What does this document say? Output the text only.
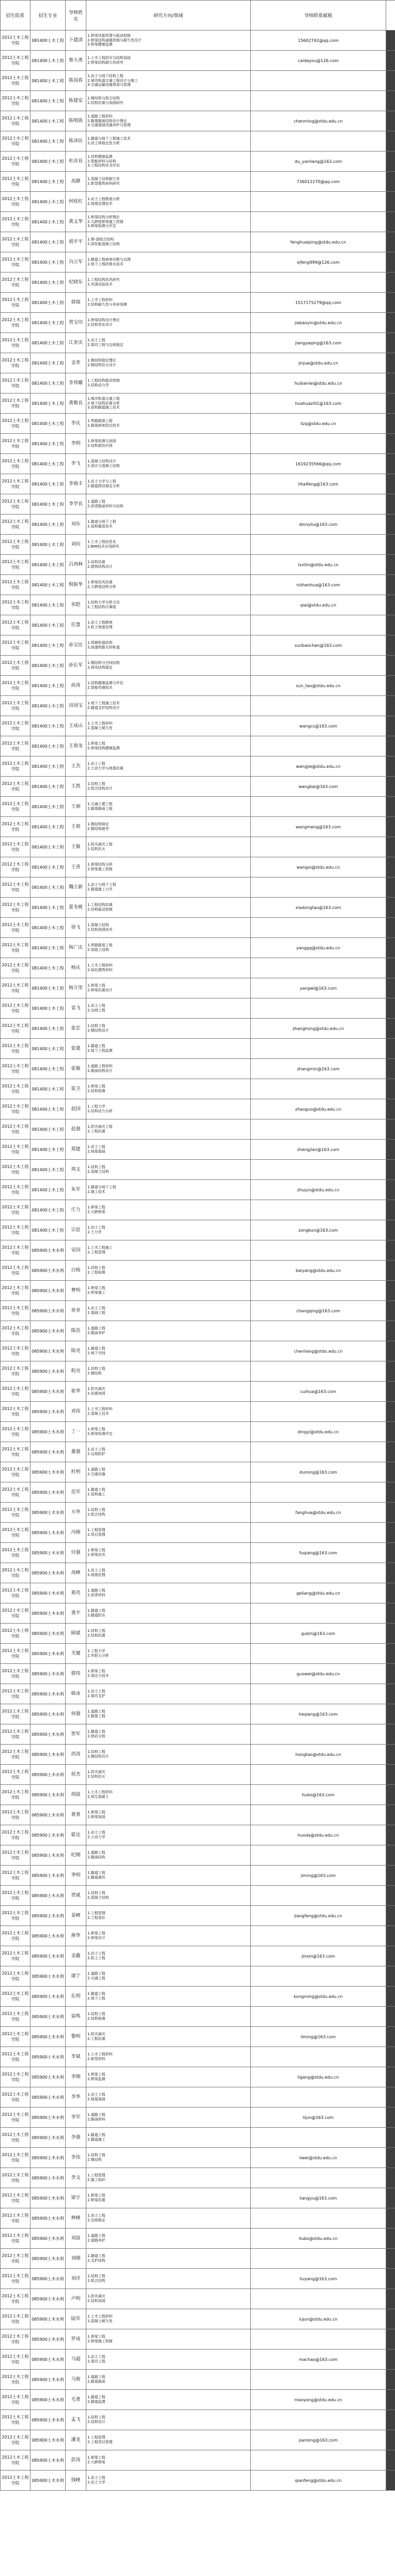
招生院系	招生专业	导师姓名	研究方向/领域	导师联系邮箱	
2012土木工程学院	081400土木工程	卜建清	1.桥梁风振机理与振动控制
2.桥梁结构减震控制与耐久性设计
3.桥梁健康监测	15602742@qq.com	
2012土木工程学院	081400土木工程	蔡大勇	1.土木工程防灾与结构加固
2.桥梁结构耐久性研究	caidayou@126.com	
2012土木工程学院	081400土木工程	陈国春	1.岩土与地下结构工程
2.城市轨道交通工程设计与施工
3.交通运输设施规划与管理		

2012土木工程学院	081400土木工程	陈建安	1.钢结构与组合结构
2.结构抗震与加固研究		

2012土木工程学院	081400土木工程	陈明铣	1.道路工程材料
2.路基路面结构设计理论
3.交通基础设施养护与管理	chenming@stdu.edu.cn	
2012土木工程学院	081400土木工程	陈泽民	1.隧道与地下工程施工技术
2.岩土体稳定性分析		

2012土木工程学院	081400土木工程	杜彦良	1.结构健康监测
2.智能材料与结构
3.工程结构安全评估	du_yanliang@163.com	
2012土木工程学院	081400土木工程	高静	1.混凝土结构耐久性
2.新型建筑材料研究	736012270@qq.com	
2012土木工程学院	081400土木工程	何桂红	1.岩土工程数值分析
2.地基处理技术		

2012土木工程学院	081400土木工程	黄义华	1.桥梁结构分析理论
2.大跨度桥梁施工控制
3.桥梁检测与评定		

2012土木工程学院	081400土木工程	胡平平	1.钢-混组合结构
2.高性能混凝土结构	fenghuaiping@stdu.edu.cn	
2012土木工程学院	081400土木工程	冯立军	1.隧道工程病害诊断与治理
2.地下工程防排水技术	xjfeng999@126.com	
2012土木工程学院	081400土木工程	纪晓东	1.工程结构抗风研究
2.风洞试验技术		

2012土木工程学院	081400土木工程	郭瑞	1.土木工程材料
2.结构耐久性与寿命预测	1517175279@qq.com	
2012土木工程学院	081400土木工程	贾宝印	1.桥梁结构设计理论
2.结构优化设计	jiabaoyin@stdu.edu.cn	
2012土木工程学院	081400土木工程	江亚庆	1.岩土工程
2.基坑工程与边坡稳定	jiangyaqing@163.com	
2012土木工程学院	081400土木工程	金菲	1.钢结构稳定理论
2.钢结构抗火设计	jinjue@stdu.edu.cn	
2012土木工程学院	081400土木工程	李邦耀	1.工程结构振动控制
2.结构动力学	huibanlei@stdu.edu.cn	
2012土木工程学院	081400土木工程	黄敬良	1.城市轨道交通工程
2.地下结构抗震分析
3.盾构隧道施工技术	huahuazi01@163.com	
2012土木工程学院	081400土木工程	李庆	1.铁路路基工程
2.路基病害防治技术	lizq@stdu.edu.cn	
2012土木工程学院	081400土木工程	李明	1.桥梁检测与加固
2.结构损伤识别		

2012土木工程学院	081400土木工程	李飞	1.混凝土结构设计
2.预应力混凝土结构	1619235566@qq.com	
2012土木工程学院	081400土木工程	李海丰	1.岩土力学与工程
2.隧道围岩稳定分析	lihaifeng@163.com	
2012土木工程学院	081400土木工程	李学良	1.道路工程
2.沥青路面材料与结构		

2012土木工程学院	081400土木工程	刘东	1.隧道与地下工程
2.盾构掘进技术	dinnyliu@163.com	
2012土木工程学院	081400土木工程	刘钊	1.土木工程信息化
2.BIM技术应用研究		

2012土木工程学院	081400土木工程	吕西林	1.结构抗震
2.建筑结构设计	lvxilin@stdu.edu.cn	
2012土木工程学院	081400土木工程	倪振华	1.桥梁抗风抗震
2.大跨度结构分析	nizhenhua@163.com	
2012土木工程学院	081400土木工程	祁皑	1.结构力学分析方法
2.工程结构可靠度	qiai@stdu.edu.cn	
2012土木工程学院	081400土木工程	任慧	1.岩土工程勘察
2.软土地基处理		

2012土木工程学院	081400土木工程	孙宝臣	1.铁路轨道结构
2.高速铁路无砟轨道	sunbaochen@163.com	
2012土木工程学院	081400土木工程	孙长军	1.钢结构与空间结构
2.网壳结构稳定		

2012土木工程学院	081400土木工程	孙涛	1.结构健康监测与评估
2.智能传感技术	sun_tao@stdu.edu.cn	
2012土木工程学院	081400土木工程	田国宝	1.地下工程施工技术
2.隧道支护结构设计		

2012土木工程学院	081400土木工程	王成山	1.土木工程材料
2.混凝土耐久性	wangcs@163.com	
2012土木工程学院	081400土木工程	王海龙	1.桥梁工程
2.桥梁结构健康监测		

2012土木工程学院	081400土木工程	王杰	1.岩土工程
2.土动力学与地基抗震	wangjie@stdu.edu.cn	
2012土木工程学院	081400土木工程	王凯	1.结构工程
2.组合结构设计	wangkai@163.com	
2012土木工程学院	081400土木工程	王丽	1.交通土建工程
2.路基路面工程		

2012土木工程学院	081400土木工程	王萌	1.钢结构稳定
2.钢结构疲劳	wangmeng@163.com	
2012土木工程学院	081400土木工程	王敏	1.防灾减灾工程
2.结构抗火		

2012土木工程学院	081400土木工程	王喜	1.桥梁结构分析
2.桥梁施工控制	wangxi@stdu.edu.cn	
2012土木工程学院	081400土木工程	魏立新	1.岩土与地下工程
2.隧道施工力学		

2012土木工程学院	081400土木工程	夏冬桃	1.工程结构抗震
2.结构振动控制	xiadongtao@163.com	
2012土木工程学院	081400土木工程	徐飞	1.混凝土结构
2.结构加固技术		

2012土木工程学院	081400土木工程	杨广庆	1.铁路路基工程
2.加筋土结构	yanggq@stdu.edu.cn	
2012土木工程学院	081400土木工程	杨庆	1.土木工程材料
2.绿色建筑材料		

2012土木工程学院	081400土木工程	杨万里	1.桥梁工程
2.桥梁抗震设计	yangwl@163.com	
2012土木工程学院	081400土木工程	袁飞	1.岩土工程
2.边坡工程		

2012土木工程学院	081400土木工程	张宏	1.结构工程
2.钢结构设计	zhanghong@stdu.edu.cn	
2012土木工程学院	081400土木工程	张建	1.隧道工程
2.地下工程监测		

2012土木工程学院	081400土木工程	张敏	1.道路工程材料
2.路面结构设计	zhangmin@163.com	
2012土木工程学院	081400土木工程	张卫	1.桥梁工程
2.结构检测		

2012土木工程学院	081400土木工程	赵国	1.工程力学
2.结构动力分析	zhaoguo@stdu.edu.cn	
2012土木工程学院	081400土木工程	赵强	1.防灾减灾工程
2.工程抗震		

2012土木工程学院	081400土木工程	郑建	1.岩土工程
2.地基基础	zhengjian@163.com	
2012土木工程学院	081400土木工程	周文	1.结构工程
2.混凝土结构		

2012土木工程学院	081400土木工程	朱军	1.隧道与地下工程
2.施工技术	zhujun@stdu.edu.cn	
2012土木工程学院	081400土木工程	庄力	1.桥梁工程
2.大跨桥梁		

2012土木工程学院	081400土木工程	宗昆	1.岩土工程
2.土力学	zongkun@163.com	
2012土木工程学院	085900土木水利	安国	1.土木工程施工
2.工程管理		

2012土木工程学院	085900土木水利	白杨	1.结构工程
2.工程检测	baiyang@stdu.edu.cn	
2012土木工程学院	085900土木水利	曹明	1.桥梁工程
2.桥梁施工		

2012土木工程学院	085900土木水利	常青	1.岩土工程
2.基础工程	changqing@163.com	
2012土木工程学院	085900土木水利	陈浩	1.道路工程
2.路面养护		

2012土木工程学院	085900土木水利	陈亮	1.隧道工程
2.地下空间	chenliang@stdu.edu.cn	
2012土木工程学院	085900土木水利	程亮	1.结构工程
2.钢结构		

2012土木工程学院	085900土木水利	崔华	1.防灾减灾
2.抗震加固	cuihua@163.com	
2012土木工程学院	085900土木水利	邓伟	1.土木工程材料
2.混凝土技术		

2012土木工程学院	085900土木水利	丁一	1.桥梁工程
2.桥梁检测评定	dingyi@stdu.edu.cn	
2012土木工程学院	085900土木水利	董强	1.岩土工程
2.边坡防护		

2012土木工程学院	085900土木水利	杜明	1.道路工程
2.交通设施	duming@163.com	
2012土木工程学院	085900土木水利	范军	1.隧道工程
2.盾构施工		

2012土木工程学院	085900土木水利	方华	1.结构工程
2.组合结构	fanghua@stdu.edu.cn	
2012土木工程学院	085900土木水利	冯刚	1.工程管理
2.项目管理		

2012土木工程学院	085900土木水利	付强	1.桥梁工程
2.桥梁抗风	fuqiang@163.com	
2012土木工程学院	085900土木水利	高峰	1.岩土工程
2.地基处理		

2012土木工程学院	085900土木水利	葛亮	1.道路工程
2.沥青材料	geliang@stdu.edu.cn	
2012土木工程学院	085900土木水利	龚平	1.隧道工程
2.隧道防水		

2012土木工程学院	085900土木水利	顾斌	1.结构工程
2.结构抗震	gubin@163.com	
2012土木工程学院	085900土木水利	关键	1.工程力学
2.有限元分析		

2012土木工程学院	085900土木水利	郭伟	1.桥梁工程
2.预应力技术	guowei@stdu.edu.cn	
2012土木工程学院	085900土木水利	韩冰	1.岩土工程
2.基坑支护		

2012土木工程学院	085900土木水利	何强	1.道路工程
2.路基工程	heqiang@163.com	
2012土木工程学院	085900土木水利	贺军	1.隧道工程
2.围岩分级		

2012土木工程学院	085900土木水利	洪涛	1.结构工程
2.钢结构设计	hongtao@stdu.edu.cn	
2012土木工程学院	085900土木水利	侯杰	1.防灾减灾
2.结构抗火		

2012土木工程学院	085900土木水利	胡波	1.土木工程材料
2.再生混凝土	hubo@163.com	
2012土木工程学院	085900土木水利	黄勇	1.桥梁工程
2.桥梁加固		

2012土木工程学院	085900土木水利	霍达	1.岩土工程
2.土动力学	huoda@stdu.edu.cn	
2012土木工程学院	085900土木水利	纪刚	1.道路工程
2.路面结构		

2012土木工程学院	085900土木水利	季明	1.隧道工程
2.隧道通风	jiming@163.com	
2012土木工程学院	085900土木水利	贾斌	1.结构工程
2.混凝土结构		

2012土木工程学院	085900土木水利	姜峰	1.工程管理
2.工程造价	jiangfeng@stdu.edu.cn	
2012土木工程学院	085900土木水利	蒋华	1.桥梁工程
2.桥梁设计		

2012土木工程学院	085900土木水利	金鑫	1.岩土工程
2.软土工程	jinxin@163.com	
2012土木工程学院	085900土木水利	康宁	1.道路工程
2.交通工程		

2012土木工程学院	085900土木水利	孔明	1.隧道工程
2.地下工程	kongming@stdu.edu.cn	
2012土木工程学院	085900土木水利	雷鸣	1.结构工程
2.结构检测		

2012土木工程学院	085900土木水利	黎明	1.防灾减灾
2.工程抗震	liming@163.com	
2012土木工程学院	085900土木水利	李斌	1.土木工程材料
2.新型材料		

2012土木工程学院	085900土木水利	李刚	1.桥梁工程
2.桥梁监测	ligang@stdu.edu.cn	
2012土木工程学院	085900土木水利	李华	1.岩土工程
2.地基基础		

2012土木工程学院	085900土木水利	李军	1.道路工程
2.路面材料	lijun@163.com	
2012土木工程学院	085900土木水利	李强	1.隧道工程
2.隧道施工		

2012土木工程学院	085900土木水利	李伟	1.结构工程
2.钢结构	liwei@stdu.edu.cn	
2012土木工程学院	085900土木水利	李文	1.工程管理
2.施工组织		

2012土木工程学院	085900土木水利	梁宇	1.桥梁工程
2.桥梁抗震	liangyu@163.com	
2012土木工程学院	085900土木水利	林峰	1.岩土工程
2.边坡稳定		

2012土木工程学院	085900土木水利	刘波	1.道路工程
2.道路养护	liubo@stdu.edu.cn	
2012土木工程学院	085900土木水利	刘刚	1.隧道工程
2.支护结构		

2012土木工程学院	085900土木水利	刘洋	1.结构工程
2.组合结构	liuyang@163.com	
2012土木工程学院	085900土木水利	卢明	1.防灾减灾
2.结构加固		

2012土木工程学院	085900土木水利	陆军	1.土木工程材料
2.混凝土耐久性	lujun@stdu.edu.cn	
2012土木工程学院	085900土木水利	罗成	1.桥梁工程
2.桥梁施工控制		

2012土木工程学院	085900土木水利	马超	1.岩土工程
2.基坑工程	machao@163.com	
2012土木工程学院	085900土木水利	马骏	1.道路工程
2.路基路面		

2012土木工程学院	085900土木水利	毛勇	1.隧道工程
2.隧道监测	maoyong@stdu.edu.cn	
2012土木工程学院	085900土木水利	孟飞	1.结构工程
2.结构设计		

2012土木工程学院	085900土木水利	潘龙	1.工程管理
2.工程项目管理	panlong@163.com	
2012土木工程学院	085900土木水利	彭涛	1.桥梁工程
2.大跨桥梁		

2012土木工程学院	085900土木水利	钱峰	1.岩土工程
2.岩土力学	qianfeng@stdu.edu.cn	
